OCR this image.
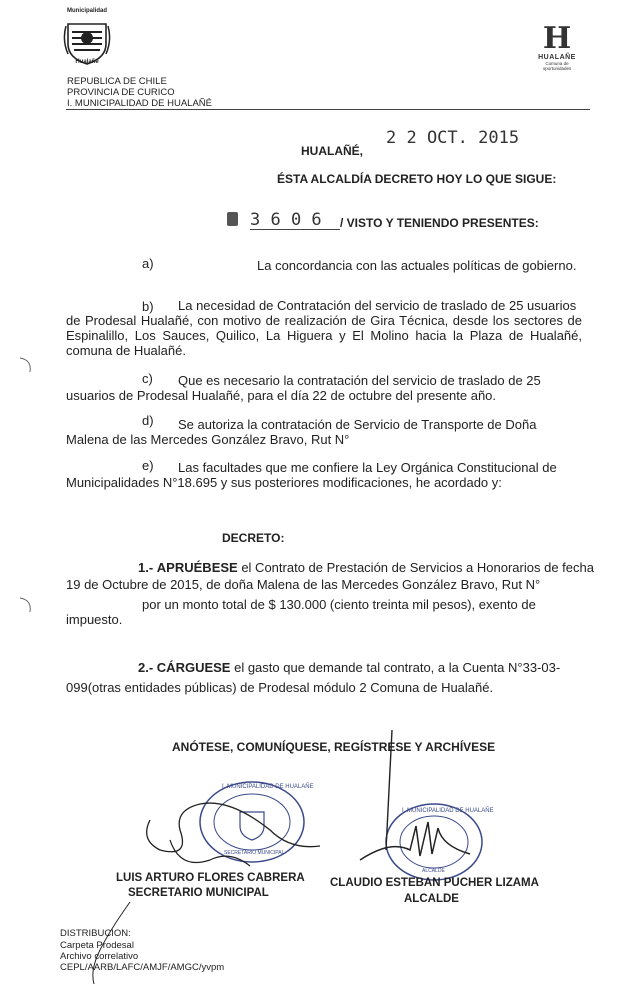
Municipalidad
Hualañe
REPUBLICA DE CHILE
PROVINCIA DE CURICO
I. MUNICIPALIDAD DE HUALAÑÉ
H
HUALAÑE
Comuna de oportunidades
HUALAÑÉ,
2 2 OCT. 2015
ÉSTA ALCALDÍA DECRETO HOY LO QUE SIGUE:
3 6 0 6 / VISTO Y TENIENDO PRESENTES:
a)	La concordancia con las actuales políticas de gobierno.
b) La necesidad de Contratación del servicio de traslado de 25 usuarios
de Prodesal Hualañé, con motivo de realización de Gira Técnica, desde los sectores de Espinalillo, Los Sauces, Quilico, La Higuera y El Molino hacia la Plaza de Hualañé, comuna de Hualañé.
c) Que es necesario la contratación del servicio de traslado de 25
usuarios de Prodesal Hualañé, para el día 22 de octubre del presente año.
d) Se autoriza la contratación de Servicio de Transporte de Doña
Malena de las Mercedes González Bravo, Rut N°
e) Las facultades que me confiere la Ley Orgánica Constitucional de
Municipalidades N°18.695 y sus posteriores modificaciones, he acordado y:
DECRETO:
1.- APRUÉBESE el Contrato de Prestación de Servicios a Honorarios de fecha
19 de Octubre de 2015, de doña Malena de las Mercedes González Bravo, Rut N°
por un monto total de $ 130.000 (ciento treinta mil pesos), exento de
impuesto.
2.- CÁRGUESE el gasto que demande tal contrato, a la Cuenta N°33-03-
099(otras entidades públicas) de Prodesal módulo 2 Comuna de Hualañé.
ANÓTESE, COMUNÍQUESE, REGÍSTRESE Y ARCHÍVESE
I. MUNICIPALIDAD DE HUALAÑE
SECRETARIO MUNICIPAL
I. MUNICIPALIDAD DE HUALAÑE
ALCALDE
LUIS ARTURO FLORES CABRERA
SECRETARIO MUNICIPAL
CLAUDIO ESTEBAN PUCHER LIZAMA
ALCALDE
DISTRIBUCION:
Carpeta Prodesal
Archivo correlativo
CEPL/AARB/LAFC/AMJF/AMGC/yvpm
